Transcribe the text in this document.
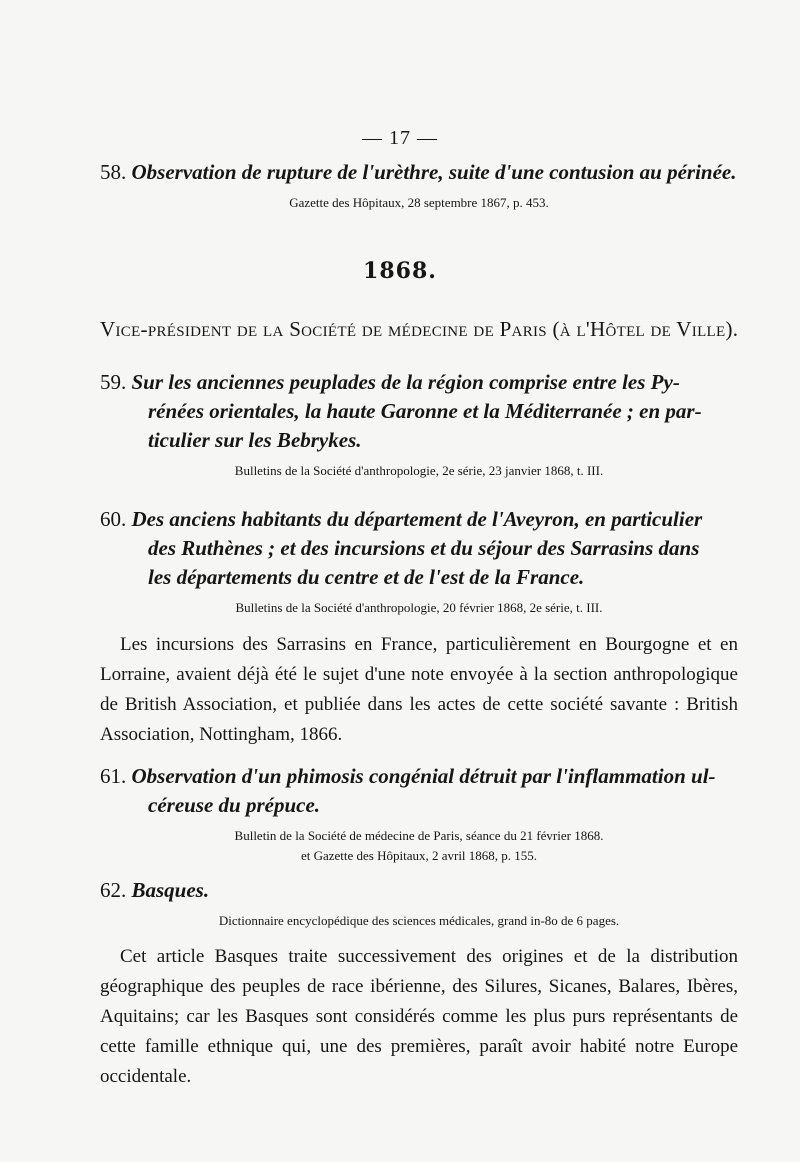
— 17 —

58. Observation de rupture de l'urèthre, suite d'une contusion au périnée.

Gazette des Hôpitaux, 28 septembre 1867, p. 453.
1868.
Vice-président de la Société de médecine de Paris (à l'Hôtel de Ville).

59. Sur les anciennes peuplades de la région comprise entre les Py-
rénées orientales, la haute Garonne et la Méditerranée ; en par-
ticulier sur les Bebrykes.

Bulletins de la Société d'anthropologie, 2e série, 23 janvier 1868, t. III.

60. Des anciens habitants du département de l'Aveyron, en particulier
des Ruthènes ; et des incursions et du séjour des Sarrasins dans
les départements du centre et de l'est de la France.

Bulletins de la Société d'anthropologie, 20 février 1868, 2e série, t. III.

Les incursions des Sarrasins en France, particulièrement en Bourgogne et en Lorraine, avaient déjà été le sujet d'une note envoyée à la section anthropologique de British Association, et publiée dans les actes de cette société savante : British Association, Nottingham, 1866.

61. Observation d'un phimosis congénial détruit par l'inflammation ul-
céreuse du prépuce.

Bulletin de la Société de médecine de Paris, séance du 21 février 1868.
et Gazette des Hôpitaux, 2 avril 1868, p. 155.

62. Basques.

Dictionnaire encyclopédique des sciences médicales, grand in-8o de 6 pages.

Cet article Basques traite successivement des origines et de la distribution géographique des peuples de race ibérienne, des Silures, Sicanes, Balares, Ibères, Aquitains; car les Basques sont considérés comme les plus purs représentants de cette famille ethnique qui, une des premières, paraît avoir habité notre Europe occidentale.
